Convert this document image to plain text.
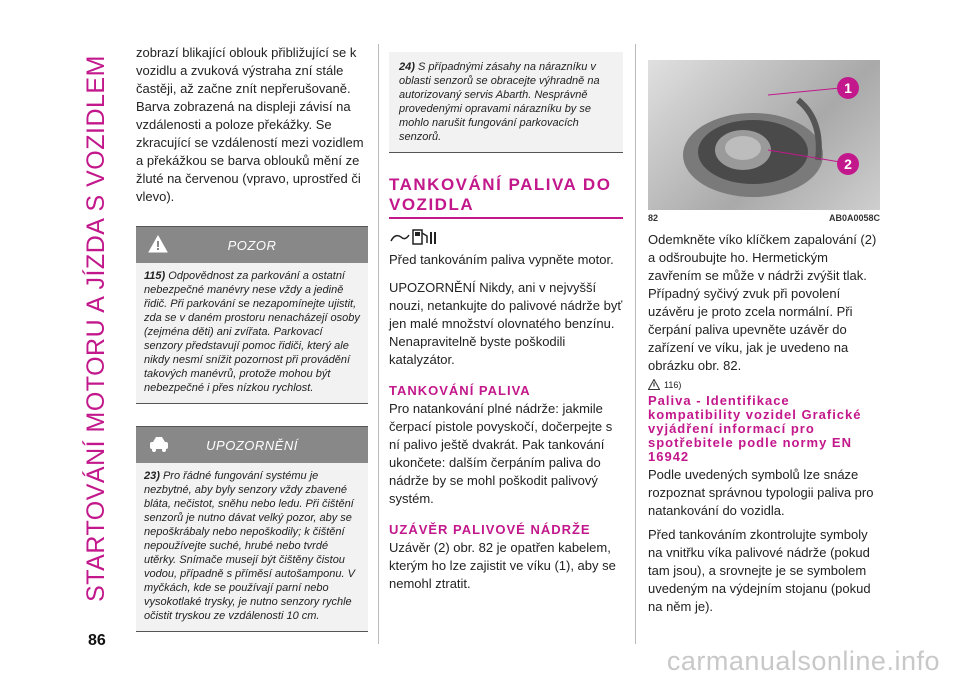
STARTOVÁNÍ MOTORU A JÍZDA S VOZIDLEM

zobrazí blikající oblouk přibližující se k vozidlu a zvuková výstraha zní stále častěji, až začne znít nepřerušovaně. Barva zobrazená na displeji závisí na vzdálenosti a poloze překážky. Se zkracující se vzdáleností mezi vozidlem a překážkou se barva oblouků mění ze žluté na červenou (vpravo, uprostřed či vlevo).

POZOR
115) Odpovědnost za parkování a ostatní nebezpečné manévry nese vždy a jedině řidič. Při parkování se nezapomínejte ujistit, zda se v daném prostoru nenacházejí osoby (zejména děti) ani zvířata. Parkovací senzory představují pomoc řidiči, který ale nikdy nesmí snížit pozornost při provádění takových manévrů, protože mohou být nebezpečné i přes nízkou rychlost.
UPOZORNĚNÍ
23) Pro řádné fungování systému je nezbytné, aby byly senzory vždy zbavené bláta, nečistot, sněhu nebo ledu. Při čištění senzorů je nutno dávat velký pozor, aby se nepoškrábaly nebo nepoškodily; k čištění nepoužívejte suché, hrubé nebo tvrdé utěrky. Snímače musejí být čištěny čistou vodou, případně s příměsí autošamponu. V myčkách, kde se používají parní nebo vysokotlaké trysky, je nutno senzory rychle očistit tryskou ze vzdálenosti 10 cm.
24) S případnými zásahy na nárazníku v oblasti senzorů se obracejte výhradně na autorizovaný servis Abarth. Nesprávně provedenými opravami nárazníku by se mohlo narušit fungování parkovacích senzorů.
TANKOVÁNÍ PALIVA DO VOZIDLA

Před tankováním paliva vypněte motor.

UPOZORNĚNÍ Nikdy, ani v nejvyšší nouzi, netankujte do palivové nádrže byť jen malé množství olovnatého benzínu. Nenapravitelně byste poškodili katalyzátor.

TANKOVÁNÍ PALIVA

Pro natankování plné nádrže: jakmile čerpací pistole povyskočí, dočerpejte s ní palivo ještě dvakrát. Pak tankování ukončete: dalším čerpáním paliva do nádrže by se mohl poškodit palivový systém.

UZÁVĚR PALIVOVÉ NÁDRŽE

Uzávěr (2) obr. 82 je opatřen kabelem, kterým ho lze zajistit ve víku (1), aby se nemohl ztratit.

1
2
82	AB0A0058C

Odemkněte víko klíčkem zapalování (2) a odšroubujte ho. Hermetickým zavřením se může v nádrži zvýšit tlak. Případný syčivý zvuk při povolení uzávěru je proto zcela normální. Při čerpání paliva upevněte uzávěr do zařízení ve víku, jak je uvedeno na obrázku obr. 82.

116)
Paliva - Identifikace kompatibility vozidel Grafické vyjádření informací pro spotřebitele podle normy EN 16942

Podle uvedených symbolů lze snáze rozpoznat správnou typologii paliva pro natankování do vozidla.

Před tankováním zkontrolujte symboly na vnitřku víka palivové nádrže (pokud tam jsou), a srovnejte je se symbolem uvedeným na výdejním stojanu (pokud na něm je).

86
carmanualsonline.info
